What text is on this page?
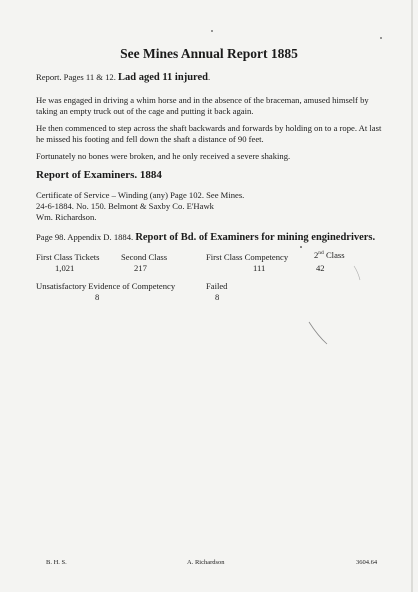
See Mines Annual Report 1885
Report. Pages 11 & 12. Lad aged 11 injured.
He was engaged in driving a whim horse and in the absence of the braceman, amused himself by taking an empty truck out of the cage and putting it back again.
He then commenced to step across the shaft backwards and forwards by holding on to a rope. At last he missed his footing and fell down the shaft a distance of 90 feet.
Fortunately no bones were broken, and he only received a severe shaking.
Report of Examiners. 1884
Certificate of Service – Winding (any) Page 102. See Mines.
24-6-1884. No. 150. Belmont & Saxby Co. E'Hawk
Wm. Richardson.
Page 98. Appendix D. 1884. Report of Bd. of Examiners for mining enginedrivers.
First Class Tickets
1,021
Second Class
217
First Class Competency
111
2nd Class
42
Unsatisfactory Evidence of Competency
8
Failed
8
B. H. S.	A. Richardson	3604.64
